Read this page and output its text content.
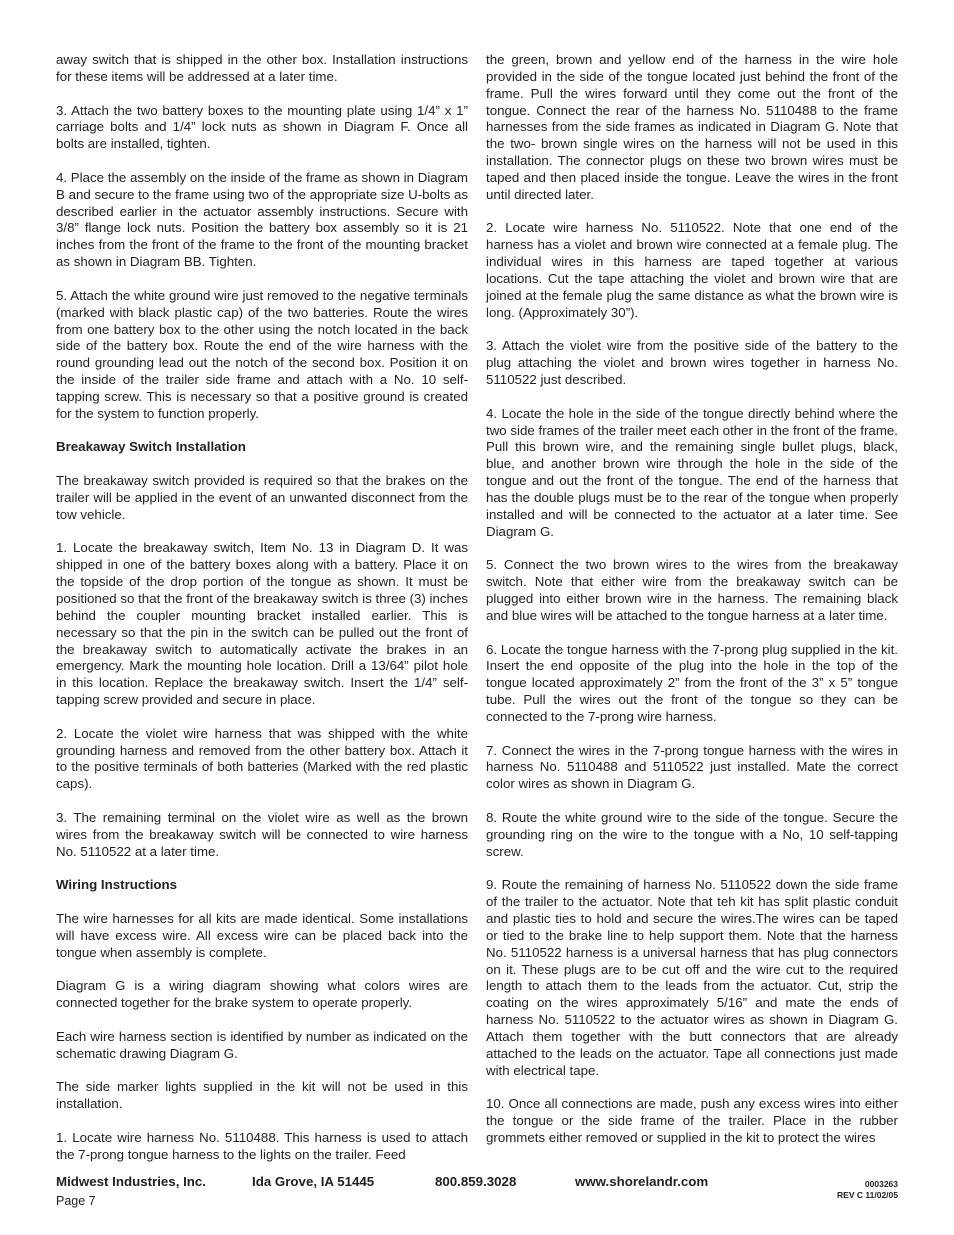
away switch that is shipped in the other box. Installation instructions for these items will be addressed at a later time.

3. Attach the two battery boxes to the mounting plate using 1/4” x 1” carriage bolts and 1/4” lock nuts as shown in Diagram F. Once all bolts are installed, tighten.

4. Place the assembly on the inside of the frame as shown in Diagram B and secure to the frame using two of the appropriate size U-bolts as described earlier in the actuator assembly instructions. Secure with 3/8” flange lock nuts. Position the battery box assembly so it is 21 inches from the front of the frame to the front of the mounting bracket as shown in Diagram BB. Tighten.

5. Attach the white ground wire just removed to the negative terminals (marked with black plastic cap) of the two batteries. Route the wires from one battery box to the other using the notch located in the back side of the battery box. Route the end of the wire harness with the round grounding lead out the notch of the second box. Position it on the inside of the trailer side frame and attach with a No. 10 self-tapping screw. This is necessary so that a positive ground is created for the system to function properly.

Breakaway Switch Installation

The breakaway switch provided is required so that the brakes on the trailer will be applied in the event of an unwanted disconnect from the tow vehicle.

1. Locate the breakaway switch, Item No. 13 in Diagram D. It was shipped in one of the battery boxes along with a battery. Place it on the topside of the drop portion of the tongue as shown. It must be positioned so that the front of the breakaway switch is three (3) inches behind the coupler mounting bracket installed earlier. This is necessary so that the pin in the switch can be pulled out the front of the breakaway switch to automatically activate the brakes in an emergency. Mark the mounting hole location. Drill a 13/64” pilot hole in this location. Replace the breakaway switch. Insert the 1/4” self-tapping screw provided and secure in place.

2. Locate the violet wire harness that was shipped with the white grounding harness and removed from the other battery box. Attach it to the positive terminals of both batteries (Marked with the red plastic caps).

3. The remaining terminal on the violet wire as well as the brown wires from the breakaway switch will be connected to wire harness No. 5110522 at a later time.

Wiring Instructions

The wire harnesses for all kits are made identical. Some installations will have excess wire. All excess wire can be placed back into the tongue when assembly is complete.

Diagram G is a wiring diagram showing what colors wires are connected together for the brake system to operate properly.

Each wire harness section is identified by number as indicated on the schematic drawing Diagram G.

The side marker lights supplied in the kit will not be used in this installation.

1. Locate wire harness No. 5110488. This harness is used to attach the 7-prong tongue harness to the lights on the trailer. Feed

the green, brown and yellow end of the harness in the wire hole provided in the side of the tongue located just behind the front of the frame. Pull the wires forward until they come out the front of the tongue. Connect the rear of the harness No. 5110488 to the frame harnesses from the side frames as indicated in Diagram G. Note that the two- brown single wires on the harness will not be used in this installation. The connector plugs on these two brown wires must be taped and then placed inside the tongue. Leave the wires in the front until directed later.

2. Locate wire harness No. 5110522. Note that one end of the harness has a violet and brown wire connected at a female plug. The individual wires in this harness are taped together at various locations. Cut the tape attaching the violet and brown wire that are joined at the female plug the same distance as what the brown wire is long. (Approximately 30”).

3. Attach the violet wire from the positive side of the battery to the plug attaching the violet and brown wires together in harness No. 5110522 just described.

4. Locate the hole in the side of the tongue directly behind where the two side frames of the trailer meet each other in the front of the frame. Pull this brown wire, and the remaining single bullet plugs, black, blue, and another brown wire through the hole in the side of the tongue and out the front of the tongue. The end of the harness that has the double plugs must be to the rear of the tongue when properly installed and will be connected to the actuator at a later time. See Diagram G.

5. Connect the two brown wires to the wires from the breakaway switch. Note that either wire from the breakaway switch can be plugged into either brown wire in the harness. The remaining black and blue wires will be attached to the tongue harness at a later time.

6. Locate the tongue harness with the 7-prong plug supplied in the kit. Insert the end opposite of the plug into the hole in the top of the tongue located approximately 2” from the front of the 3” x 5” tongue tube. Pull the wires out the front of the tongue so they can be connected to the 7-prong wire harness.

7. Connect the wires in the 7-prong tongue harness with the wires in harness No. 5110488 and 5110522 just installed. Mate the correct color wires as shown in Diagram G.

8. Route the white ground wire to the side of the tongue. Secure the grounding ring on the wire to the tongue with a No, 10 self-tapping screw.

9. Route the remaining of harness No. 5110522 down the side frame of the trailer to the actuator. Note that teh kit has split plastic conduit and plastic ties to hold and secure the wires.The wires can be taped or tied to the brake line to help support them. Note that the harness No. 5110522 harness is a universal harness that has plug connectors on it. These plugs are to be cut off and the wire cut to the required length to attach them to the leads from the actuator. Cut, strip the coating on the wires approximately 5/16” and mate the ends of harness No. 5110522 to the actuator wires as shown in Diagram G. Attach them together with the butt connectors that are already attached to the leads on the actuator. Tape all connections just made with electrical tape.

10. Once all connections are made, push any excess wires into either the tongue or the side frame of the trailer. Place in the rubber grommets either removed or supplied in the kit to protect the wires

Midwest Industries, Inc.	Ida Grove, IA 51445	800.859.3028	www.shorelandr.com
Page 7
0003263
REV C 11/02/05
